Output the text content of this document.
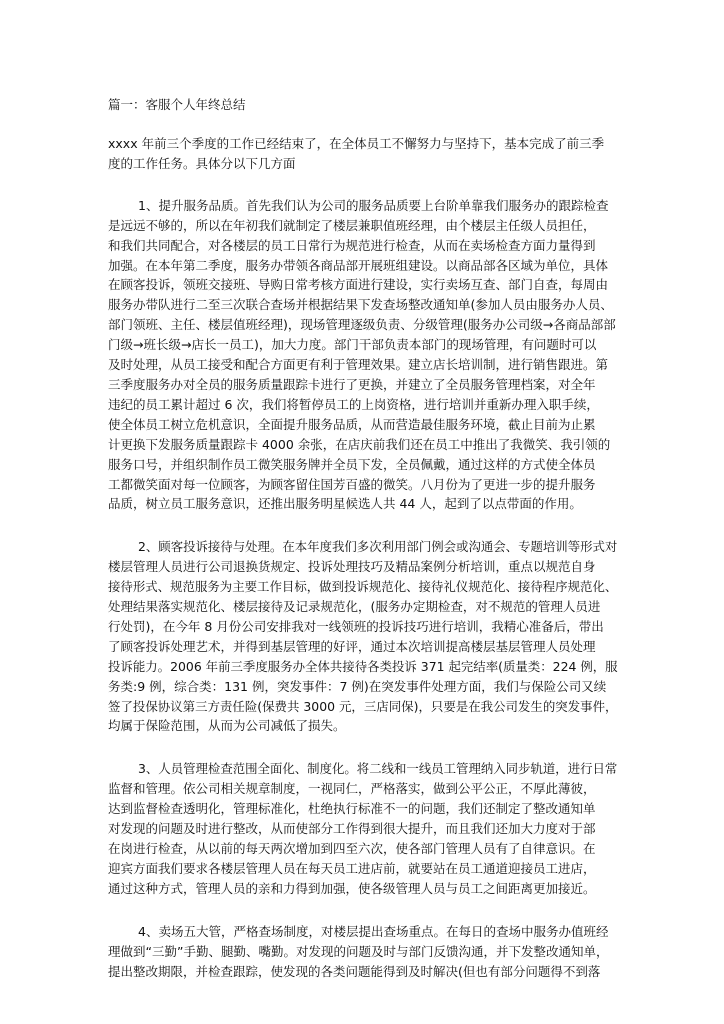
篇一：客服个人年终总结

xxxx 年前三个季度的工作已经结束了，在全体员工不懈努力与坚持下，基本完成了前三季
度的工作任务。具体分以下几方面
1、提升服务品质。首先我们认为公司的服务品质要上台阶单靠我们服务办的跟踪检查
是远远不够的，所以在年初我们就制定了楼层兼职值班经理，由个楼层主任级人员担任，
和我们共同配合，对各楼层的员工日常行为规范进行检查，从而在卖场检查方面力量得到
加强。在本年第二季度，服务办带领各商品部开展班组建设。以商品部各区域为单位，具体
在顾客投诉，领班交接班、导购日常考核方面进行建设，实行卖场互查、部门自查，每周由
服务办带队进行二至三次联合查场并根据结果下发查场整改通知单(参加人员由服务办人员、
部门领班、主任、楼层值班经理)，现场管理逐级负责、分级管理(服务办公司级→各商品部部
门级→班长级→店长一员工)，加大力度。部门干部负责本部门的现场管理，有问题时可以
及时处理，从员工接受和配合方面更有利于管理效果。建立店长培训制，进行销售跟进。第
三季度服务办对全员的服务质量跟踪卡进行了更换，并建立了全员服务管理档案，对全年
违纪的员工累计超过 6 次，我们将暂停员工的上岗资格，进行培训并重新办理入职手续，
使全体员工树立危机意识，全面提升服务品质，从而营造最佳服务环境，截止目前为止累
计更换下发服务质量跟踪卡 4000 余张，在店庆前我们还在员工中推出了我微笑、我引领的
服务口号，并组织制作员工微笑服务牌并全员下发，全员佩戴，通过这样的方式使全体员
工都微笑面对每一位顾客，为顾客留住国芳百盛的微笑。八月份为了更进一步的提升服务
品质，树立员工服务意识，还推出服务明星候选人共 44 人，起到了以点带面的作用。
2、顾客投诉接待与处理。在本年度我们多次利用部门例会或沟通会、专题培训等形式对
楼层管理人员进行公司退换货规定、投诉处理技巧及精品案例分析培训，重点以规范自身
接待形式、规范服务为主要工作目标，做到投诉规范化、接待礼仪规范化、接待程序规范化、
处理结果落实规范化、楼层接待及记录规范化，(服务办定期检查，对不规范的管理人员进
行处罚)，在今年 8 月份公司安排我对一线领班的投诉技巧进行培训，我精心准备后，带出
了顾客投诉处理艺术，并得到基层管理的好评，通过本次培训提高楼层基层管理人员处理
投诉能力。2006 年前三季度服务办全体共接待各类投诉 371 起完结率(质量类：224 例，服
务类:9 例，综合类：131 例，突发事件：7 例)在突发事件处理方面，我们与保险公司又续
签了投保协议第三方责任险(保费共 3000 元，三店同保)，只要是在我公司发生的突发事件，
均属于保险范围，从而为公司减低了损失。
3、人员管理检查范围全面化、制度化。将二线和一线员工管理纳入同步轨道，进行日常
监督和管理。依公司相关规章制度，一视同仁，严格落实，做到公平公正，不厚此薄彼，
达到监督检查透明化，管理标准化，杜绝执行标准不一的问题，我们还制定了整改通知单
对发现的问题及时进行整改，从而使部分工作得到很大提升，而且我们还加大力度对于部
在岗进行检查，从以前的每天两次增加到四至六次，使各部门管理人员有了自律意识。在
迎宾方面我们要求各楼层管理人员在每天员工进店前，就要站在员工通道迎接员工进店，
通过这种方式，管理人员的亲和力得到加强，使各级管理人员与员工之间距离更加接近。
4、卖场五大管，严格查场制度，对楼层提出查场重点。在每日的查场中服务办值班经
理做到“三勤”手勤、腿勤、嘴勤。对发现的问题及时与部门反馈沟通，并下发整改通知单，
提出整改期限，并检查跟踪，使发现的各类问题能得到及时解决(但也有部分问题得不到落
